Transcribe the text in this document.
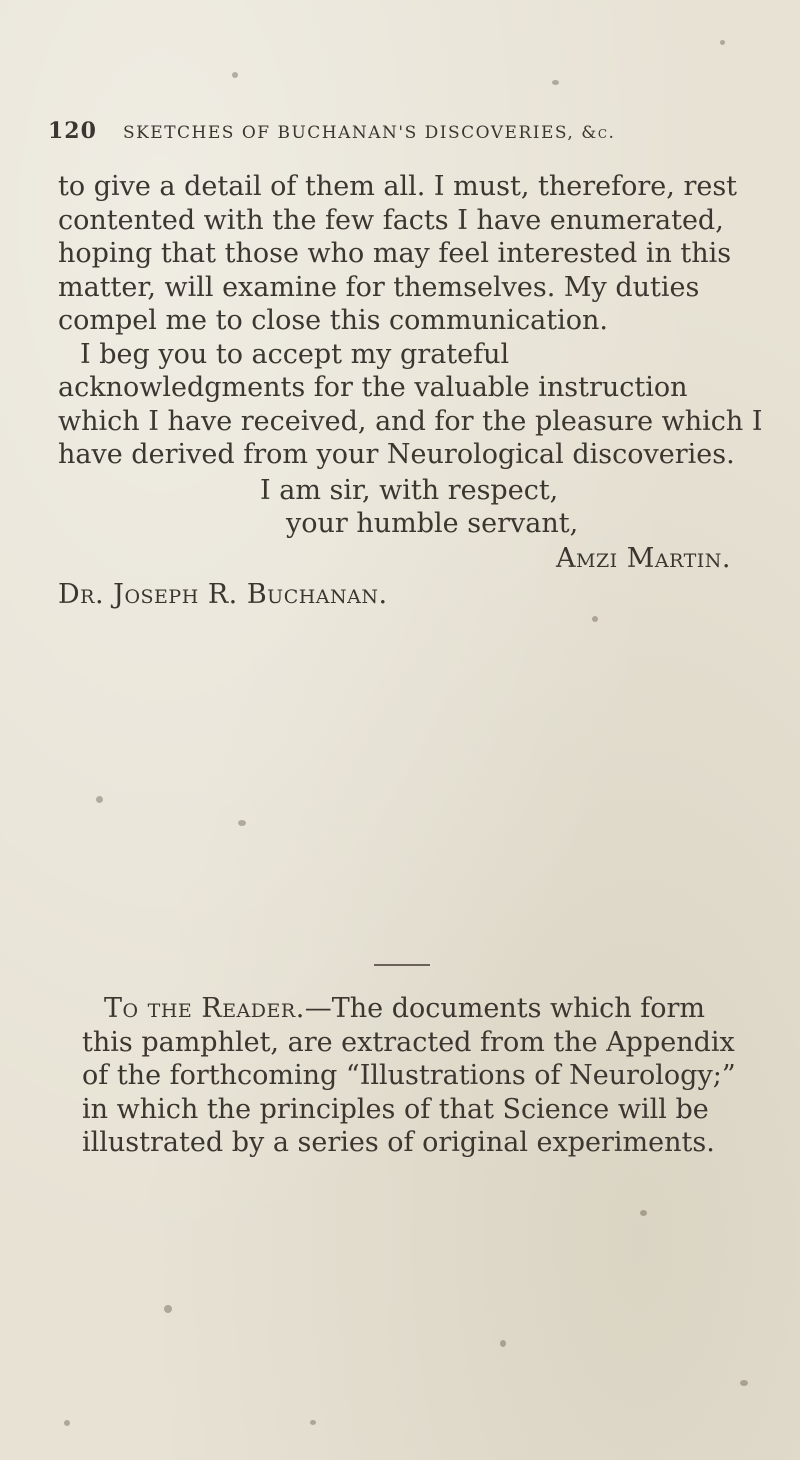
120 SKETCHES OF BUCHANAN'S DISCOVERIES, &c.

to give a detail of them all. I must, therefore, rest contented with the few facts I have enumerated, hoping that those who may feel interested in this matter, will examine for themselves. My duties compel me to close this communication.

I beg you to accept my grateful acknowledgments for the valuable instruction which I have received, and for the pleasure which I have derived from your Neurological discoveries.

I am sir, with respect,
your humble servant,
Amzi Martin.
Dr. Joseph R. Buchanan.

To the Reader.—The documents which form this pamphlet, are extracted from the Appendix of the forthcoming “Illustrations of Neurology;” in which the principles of that Science will be illustrated by a series of original experiments.
